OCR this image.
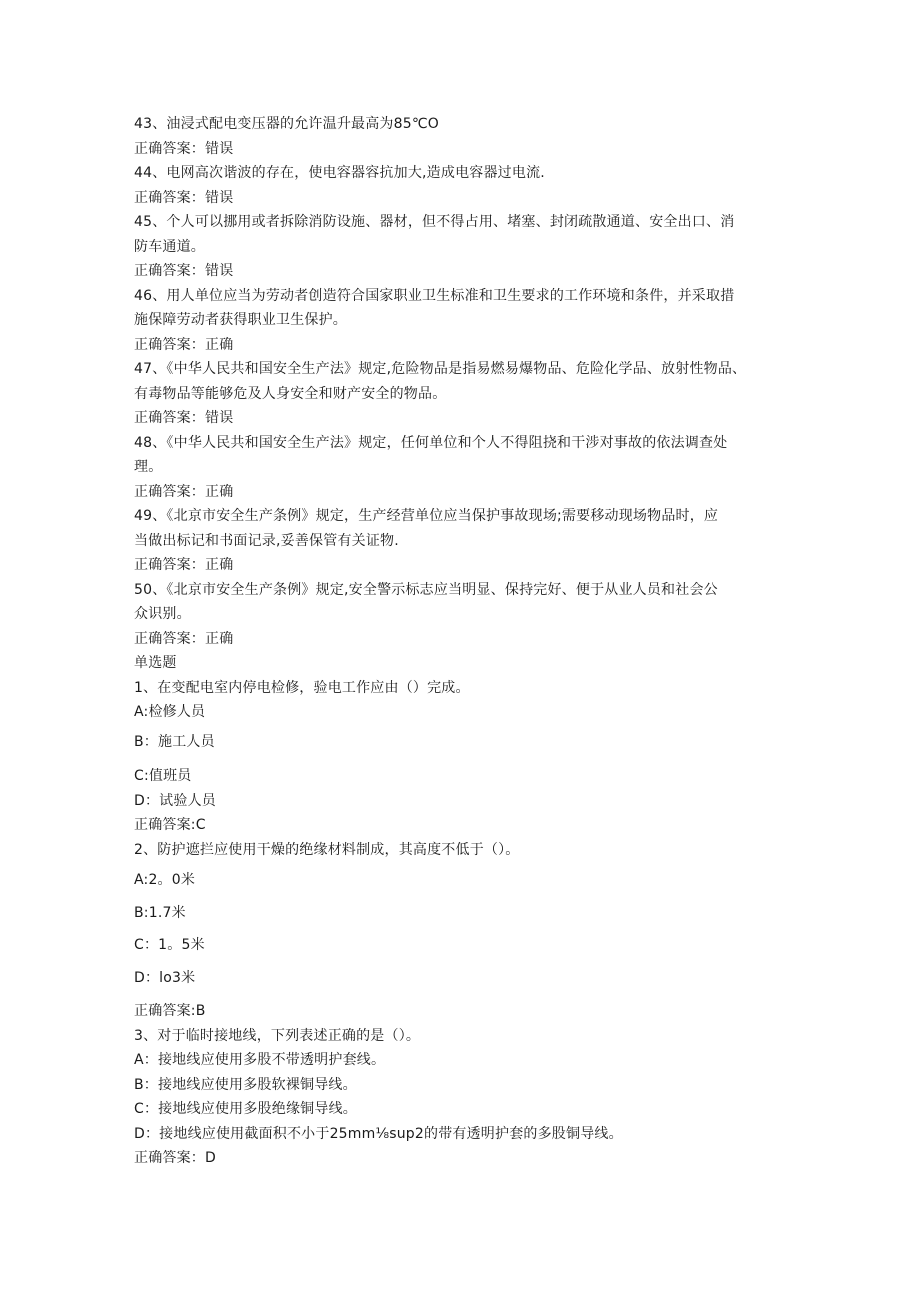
43、油浸式配电变压器的允许温升最高为85℃O
正确答案：错误
44、电网高次谐波的存在，使电容器容抗加大,造成电容器过电流.
正确答案：错误
45、个人可以挪用或者拆除消防设施、器材，但不得占用、堵塞、封闭疏散通道、安全出口、消
防车通道。
正确答案：错误
46、用人单位应当为劳动者创造符合国家职业卫生标准和卫生要求的工作环境和条件，并采取措
施保障劳动者获得职业卫生保护。
正确答案：正确
47、《中华人民共和国安全生产法》规定,危险物品是指易燃易爆物品、危险化学品、放射性物品、
有毒物品等能够危及人身安全和财产安全的物品。
正确答案：错误
48、《中华人民共和国安全生产法》规定，任何单位和个人不得阻挠和干涉对事故的依法调查处
理。
正确答案：正确
49、《北京市安全生产条例》规定，生产经营单位应当保护事故现场;需要移动现场物品时，应
当做出标记和书面记录,妥善保管有关证物.
正确答案：正确
50、《北京市安全生产条例》规定,安全警示标志应当明显、保持完好、便于从业人员和社会公
众识别。
正确答案：正确
单选题
1、在变配电室内停电检修，验电工作应由（）完成。
A:检修人员
B：施工人员
C:值班员
D：试验人员
正确答案:C
2、防护遮拦应使用干燥的绝缘材料制成，其高度不低于（）。
A:2。0米
B:1.7米
C：1。5米
D：lo3米
正确答案:B
3、对于临时接地线，下列表述正确的是（）。
A：接地线应使用多股不带透明护套线。
B：接地线应使用多股软裸铜导线。
C：接地线应使用多股绝缘铜导线。
D：接地线应使用截面积不小于25mm⅛sup2的带有透明护套的多股铜导线。
正确答案：D
